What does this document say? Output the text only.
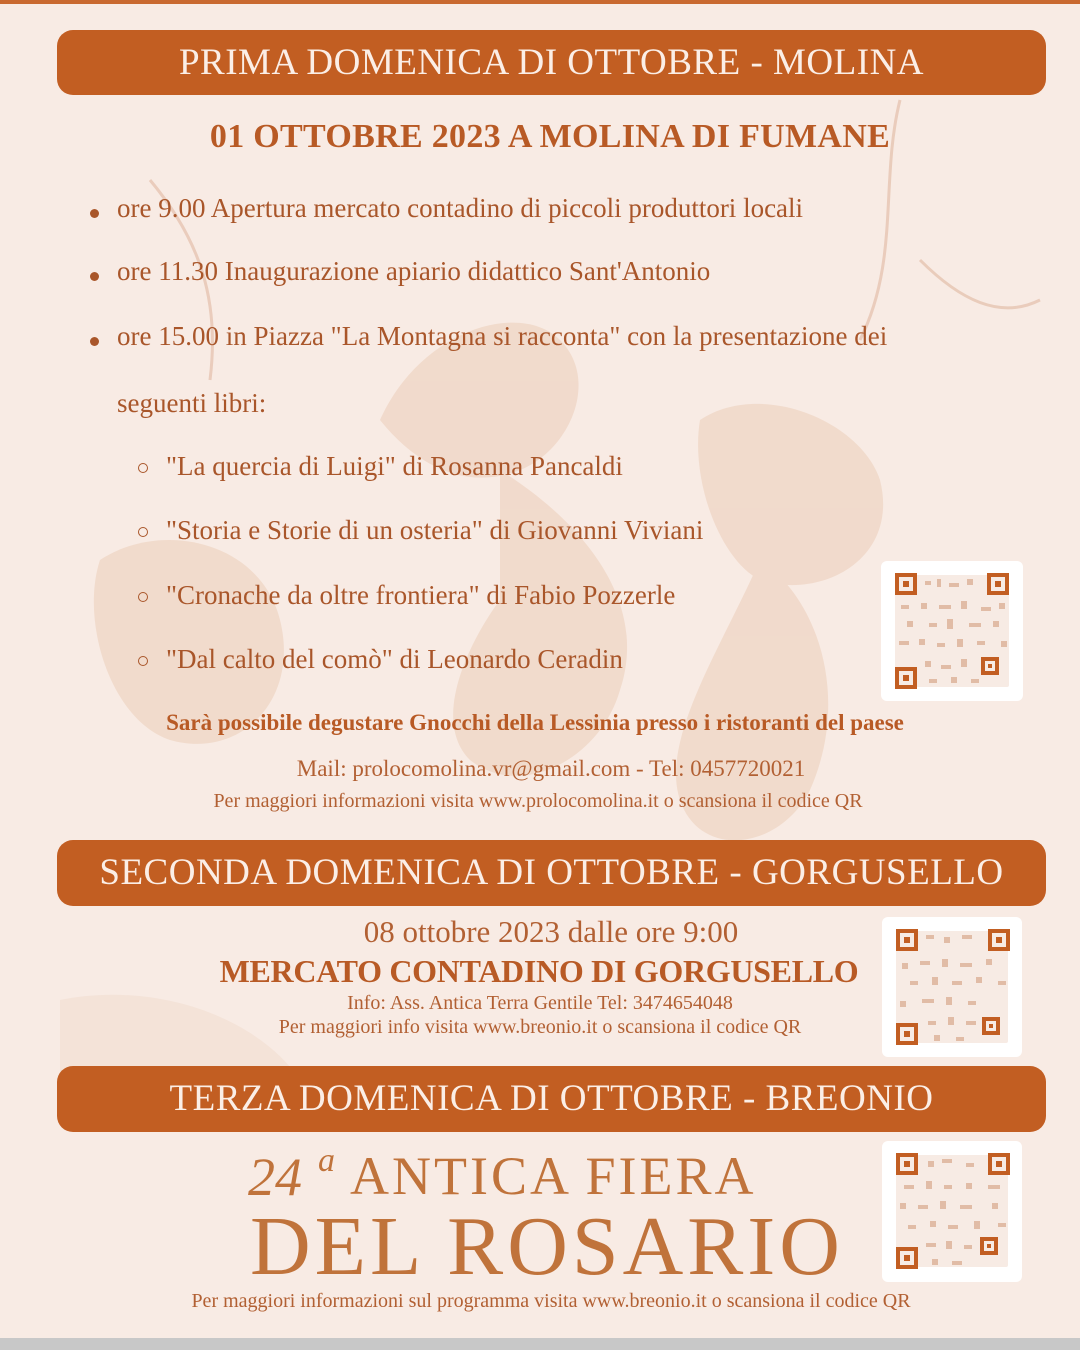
PRIMA DOMENICA DI OTTOBRE - MOLINA
01 OTTOBRE 2023 A MOLINA DI FUMANE
ore 9.00 Apertura mercato contadino di piccoli produttori locali
ore 11.30 Inaugurazione apiario didattico Sant'Antonio
ore 15.00 in Piazza "La Montagna si racconta" con la presentazione dei
seguenti libri:
"La quercia di Luigi" di Rosanna Pancaldi
"Storia e Storie di un osteria" di Giovanni Viviani
"Cronache da oltre frontiera" di Fabio Pozzerle
"Dal calto del comò" di Leonardo Ceradin
Sarà possibile degustare Gnocchi della Lessinia presso i ristoranti del paese
Mail: prolocomolina.vr@gmail.com - Tel: 0457720021
Per maggiori informazioni visita www.prolocomolina.it o scansiona il codice QR
SECONDA DOMENICA DI OTTOBRE - GORGUSELLO
08 ottobre 2023 dalle ore 9:00
MERCATO CONTADINO DI GORGUSELLO
Info: Ass. Antica Terra Gentile Tel: 3474654048
Per maggiori info visita www.breonio.it o scansiona il codice QR
TERZA DOMENICA DI OTTOBRE - BREONIO
24 a ANTICA FIERA
DEL ROSARIO
Per maggiori informazioni sul programma visita www.breonio.it o scansiona il codice QR
